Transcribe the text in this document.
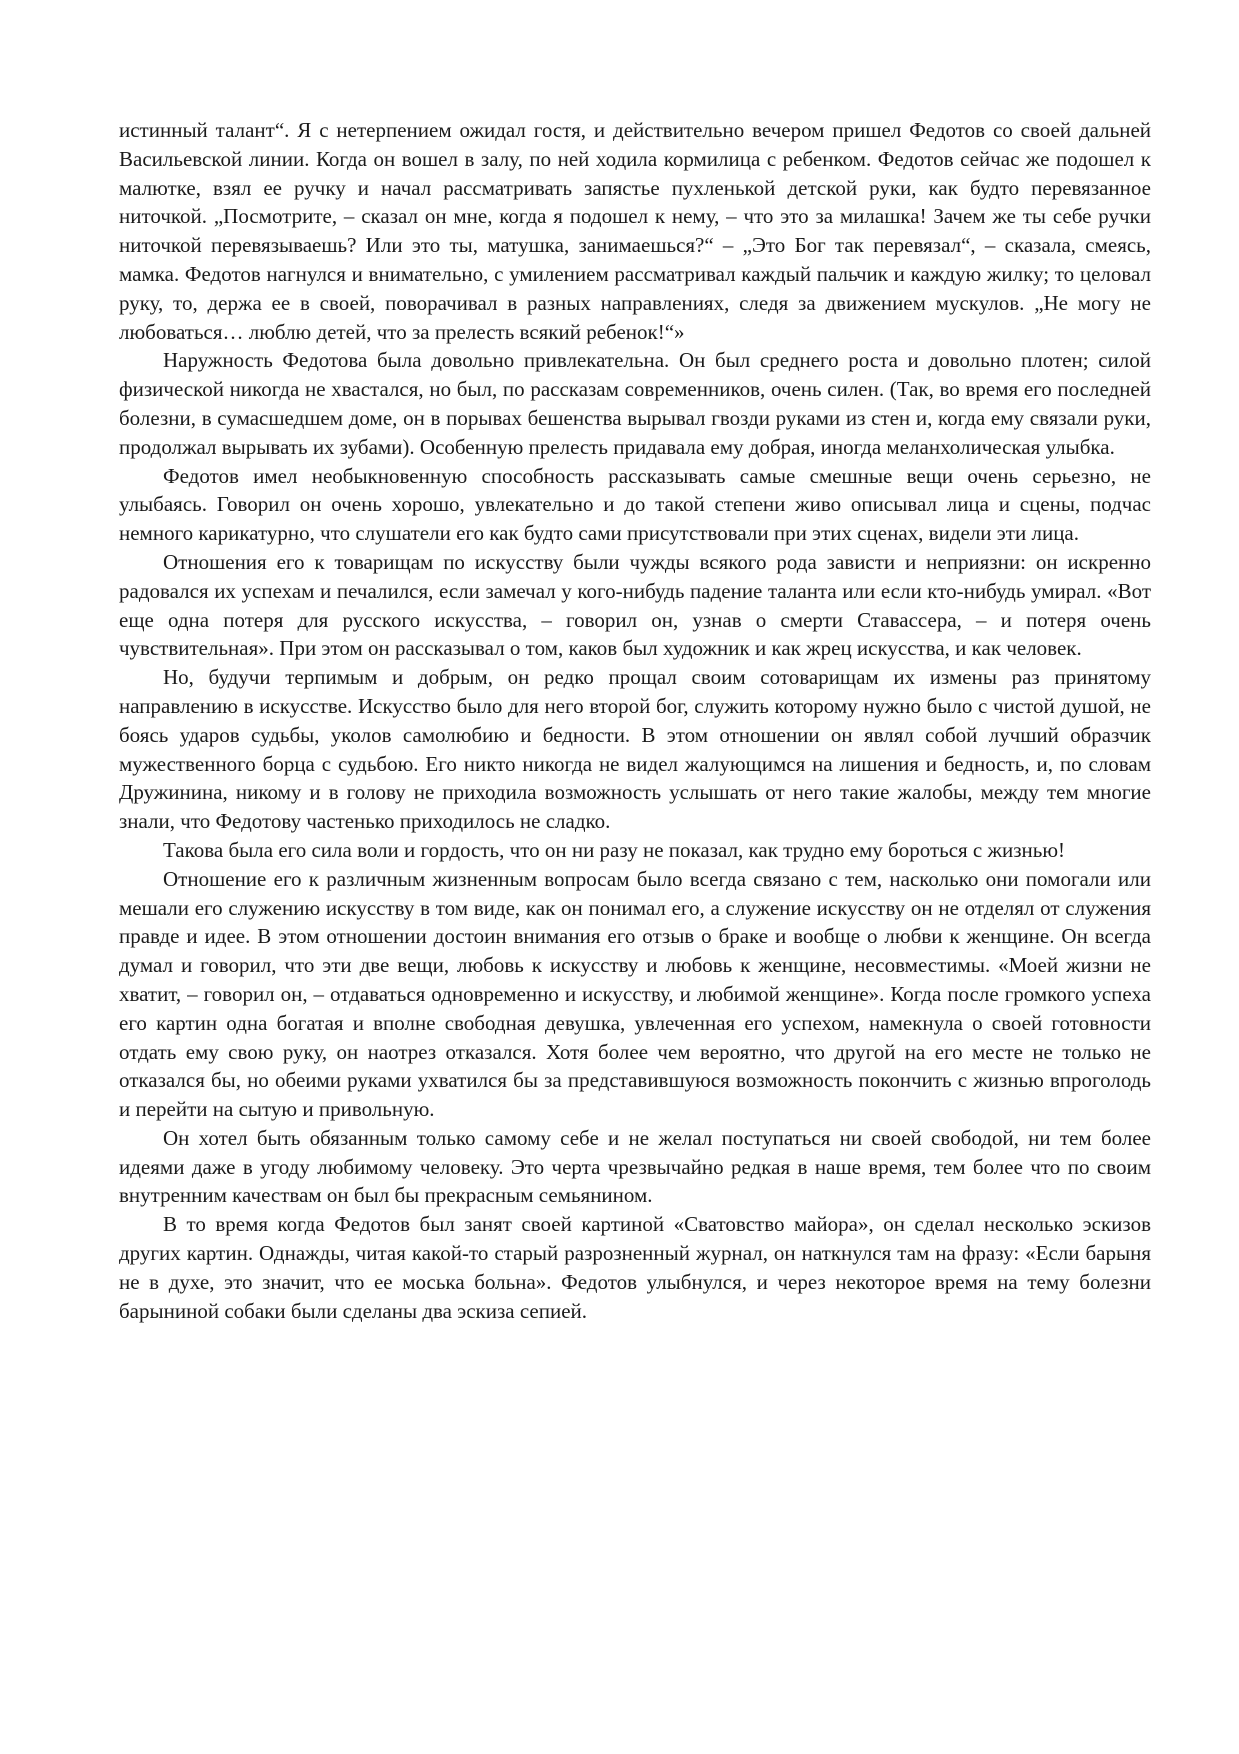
истинный талант“. Я с нетерпением ожидал гостя, и действительно вечером пришел Федотов со своей дальней Васильевской линии. Когда он вошел в залу, по ней ходила кормилица с ребенком. Федотов сейчас же подошел к малютке, взял ее ручку и начал рассматривать запястье пухленькой детской руки, как будто перевязанное ниточкой. „Посмотрите, – сказал он мне, когда я подошел к нему, – что это за милашка! Зачем же ты себе ручки ниточкой перевязываешь? Или это ты, матушка, занимаешься?“ – „Это Бог так перевязал“, – сказала, смеясь, мамка. Федотов нагнулся и внимательно, с умилением рассматривал каждый пальчик и каждую жилку; то целовал руку, то, держа ее в своей, поворачивал в разных направлениях, следя за движением мускулов. „Не могу не любоваться… люблю детей, что за прелесть всякий ребенок!“»

Наружность Федотова была довольно привлекательна. Он был среднего роста и довольно плотен; силой физической никогда не хвастался, но был, по рассказам современников, очень силен. (Так, во время его последней болезни, в сумасшедшем доме, он в порывах бешенства вырывал гвозди руками из стен и, когда ему связали руки, продолжал вырывать их зубами). Особенную прелесть придавала ему добрая, иногда меланхолическая улыбка.

Федотов имел необыкновенную способность рассказывать самые смешные вещи очень серьезно, не улыбаясь. Говорил он очень хорошо, увлекательно и до такой степени живо описывал лица и сцены, подчас немного карикатурно, что слушатели его как будто сами присутствовали при этих сценах, видели эти лица.

Отношения его к товарищам по искусству были чужды всякого рода зависти и неприязни: он искренно радовался их успехам и печалился, если замечал у кого-нибудь падение таланта или если кто-нибудь умирал. «Вот еще одна потеря для русского искусства, – говорил он, узнав о смерти Ставассера, – и потеря очень чувствительная». При этом он рассказывал о том, каков был художник и как жрец искусства, и как человек.

Но, будучи терпимым и добрым, он редко прощал своим сотоварищам их измены раз принятому направлению в искусстве. Искусство было для него второй бог, служить которому нужно было с чистой душой, не боясь ударов судьбы, уколов самолюбию и бедности. В этом отношении он являл собой лучший образчик мужественного борца с судьбою. Его никто никогда не видел жалующимся на лишения и бедность, и, по словам Дружинина, никому и в голову не приходила возможность услышать от него такие жалобы, между тем многие знали, что Федотову частенько приходилось не сладко.

Такова была его сила воли и гордость, что он ни разу не показал, как трудно ему бороться с жизнью!

Отношение его к различным жизненным вопросам было всегда связано с тем, насколько они помогали или мешали его служению искусству в том виде, как он понимал его, а служение искусству он не отделял от служения правде и идее. В этом отношении достоин внимания его отзыв о браке и вообще о любви к женщине. Он всегда думал и говорил, что эти две вещи, любовь к искусству и любовь к женщине, несовместимы. «Моей жизни не хватит, – говорил он, – отдаваться одновременно и искусству, и любимой женщине». Когда после громкого успеха его картин одна богатая и вполне свободная девушка, увлеченная его успехом, намекнула о своей готовности отдать ему свою руку, он наотрез отказался. Хотя более чем вероятно, что другой на его месте не только не отказался бы, но обеими руками ухватился бы за представившуюся возможность покончить с жизнью впроголодь и перейти на сытую и привольную.

Он хотел быть обязанным только самому себе и не желал поступаться ни своей свободой, ни тем более идеями даже в угоду любимому человеку. Это черта чрезвычайно редкая в наше время, тем более что по своим внутренним качествам он был бы прекрасным семьянином.

В то время когда Федотов был занят своей картиной «Сватовство майора», он сделал несколько эскизов других картин. Однажды, читая какой-то старый разрозненный журнал, он наткнулся там на фразу: «Если барыня не в духе, это значит, что ее моська больна». Федотов улыбнулся, и через некоторое время на тему болезни барыниной собаки были сделаны два эскиза сепией.
